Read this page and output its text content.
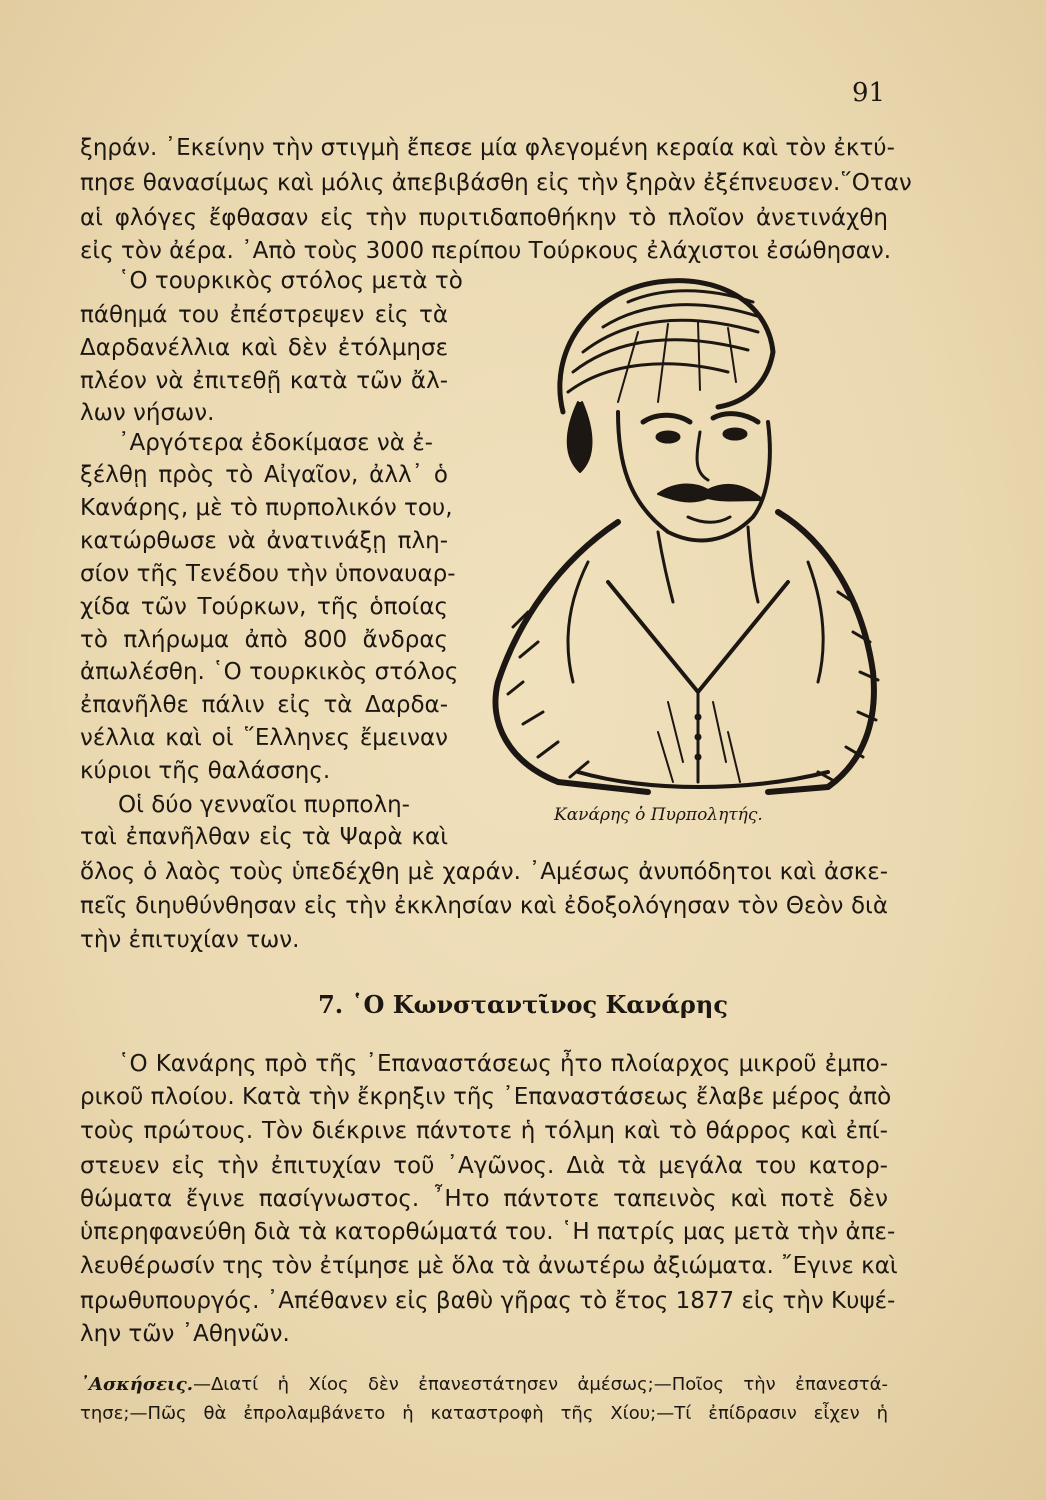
91
ξηράν. ᾿Εκείνην τὴν στιγμὴ ἔπεσε μία φλεγομένη κεραία καὶ τὸν ἐκτύ-
πησε θανασίμως καὶ μόλις ἀπεβιβάσθη εἰς τὴν ξηρὰν ἐξέπνευσεν.῞Οταν
αἱ φλόγες ἔφθασαν εἰς τὴν πυριτιδαποθήκην τὸ πλοῖον ἀνετινάχθη
εἰς τὸν ἀέρα. ᾿Απὸ τοὺς 3000 περίπου Τούρκους ἐλάχιστοι ἐσώθησαν.
῾Ο τουρκικὸς στόλος μετὰ τὸ
πάθημά του ἐπέστρεψεν εἰς τὰ
Δαρδανέλλια καὶ δὲν ἐτόλμησε
πλέον νὰ ἐπιτεθῇ κατὰ τῶν ἄλ-
λων νήσων.
᾿Αργότερα ἐδοκίμασε νὰ ἐ-
ξέλθῃ πρὸς τὸ Αἰγαῖον, ἀλλ᾿ ὁ
Κανάρης, μὲ τὸ πυρπολικόν του,
κατώρθωσε νὰ ἀνατινάξῃ πλη-
σίον τῆς Τενέδου τὴν ὑποναυαρ-
χίδα τῶν Τούρκων, τῆς ὁποίας
τὸ πλήρωμα ἀπὸ 800 ἄνδρας
ἀπωλέσθη. ῾Ο τουρκικὸς στόλος
ἐπανῆλθε πάλιν εἰς τὰ Δαρδα-
νέλλια καὶ οἱ ῞Ελληνες ἔμειναν
κύριοι τῆς θαλάσσης.
Οἱ δύο γενναῖοι πυρπολη-
ταὶ ἐπανῆλθαν εἰς τὰ Ψαρὰ καὶ
ὅλος ὁ λαὸς τοὺς ὑπεδέχθη μὲ χαράν. ᾿Αμέσως ἀνυπόδητοι καὶ ἀσκε-
πεῖς διηυθύνθησαν εἰς τὴν ἐκκλησίαν καὶ ἐδοξολόγησαν τὸν Θεὸν διὰ
τὴν ἐπιτυχίαν των.
Κανάρης ὁ Πυρπολητής.
7. ῾Ο Κωνσταντῖνος Κανάρης
῾Ο Κανάρης πρὸ τῆς ᾿Επαναστάσεως ἦτο πλοίαρχος μικροῦ ἐμπο-
ρικοῦ πλοίου. Κατὰ τὴν ἔκρηξιν τῆς ᾿Επαναστάσεως ἔλαβε μέρος ἀπὸ
τοὺς πρώτους. Τὸν διέκρινε πάντοτε ἡ τόλμη καὶ τὸ θάρρος καὶ ἐπί-
στευεν εἰς τὴν ἐπιτυχίαν τοῦ ᾿Αγῶνος. Διὰ τὰ μεγάλα του κατορ-
θώματα ἔγινε πασίγνωστος. ῏Ητο πάντοτε ταπεινὸς καὶ ποτὲ δὲν
ὑπερηφανεύθη διὰ τὰ κατορθώματά του. ῾Η πατρίς μας μετὰ τὴν ἀπε-
λευθέρωσίν της τὸν ἐτίμησε μὲ ὅλα τὰ ἀνωτέρω ἀξιώματα. ῎Εγινε καὶ
πρωθυπουργός. ᾿Απέθανεν εἰς βαθὺ γῆρας τὸ ἔτος 1877 εἰς τὴν Κυψέ-
λην τῶν ᾿Αθηνῶν.
᾿Ασκήσεις.—Διατί ἡ Χίος δὲν ἐπανεστάτησεν ἀμέσως;—Ποῖος τὴν ἐπανεστά-
τησε;—Πῶς θὰ ἐπρολαμβάνετο ἡ καταστροφὴ τῆς Χίου;—Τί ἐπίδρασιν εἶχεν ἡ
